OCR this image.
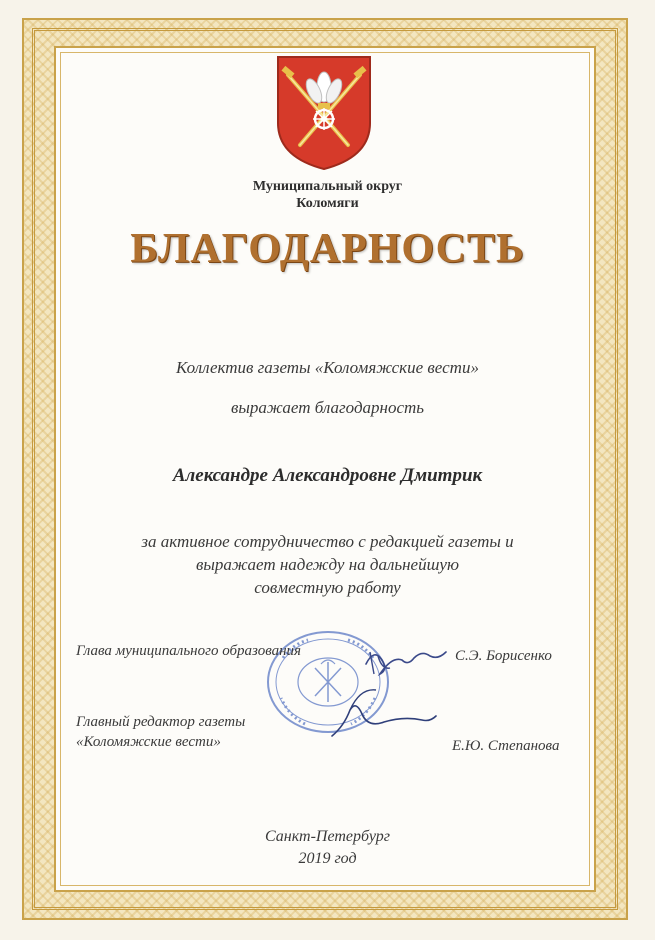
Муниципальный округ
Коломяги
БЛАГОДАРНОСТЬ
Коллектив газеты «Коломяжские вести»
выражает благодарность
Александре Александровне Дмитрик
за активное сотрудничество с редакцией газеты и
выражает надежду на дальнейшую
совместную работу
Глава муниципального образования	С.Э. Борисенко
Главный редактор газеты
«Коломяжские вести»	Е.Ю. Степанова
Санкт-Петербург
2019 год
